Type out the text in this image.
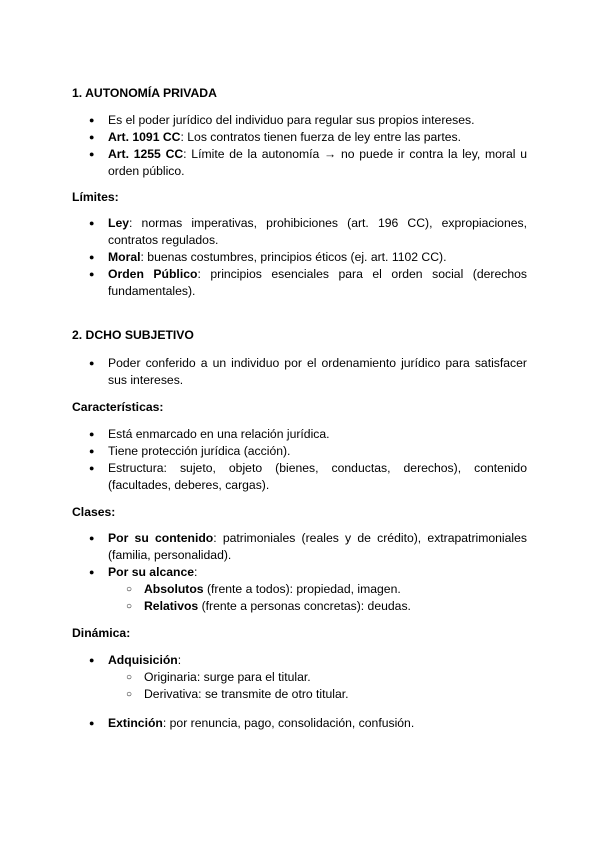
1. AUTONOMÍA PRIVADA
● Es el poder jurídico del individuo para regular sus propios intereses.
● Art. 1091 CC: Los contratos tienen fuerza de ley entre las partes.
● Art. 1255 CC: Límite de la autonomía → no puede ir contra la ley, moral u orden público.
Límites:
● Ley: normas imperativas, prohibiciones (art. 196 CC), expropiaciones, contratos regulados.
● Moral: buenas costumbres, principios éticos (ej. art. 1102 CC).
● Orden Público: principios esenciales para el orden social (derechos fundamentales).
2. DCHO SUBJETIVO
● Poder conferido a un individuo por el ordenamiento jurídico para satisfacer sus intereses.
Características:
● Está enmarcado en una relación jurídica.
● Tiene protección jurídica (acción).
● Estructura: sujeto, objeto (bienes, conductas, derechos), contenido (facultades, deberes, cargas).
Clases:
● Por su contenido: patrimoniales (reales y de crédito), extrapatrimoniales (familia, personalidad).
● Por su alcance:
○ Absolutos (frente a todos): propiedad, imagen.
○ Relativos (frente a personas concretas): deudas.
Dinámica:
● Adquisición:
○ Originaria: surge para el titular.
○ Derivativa: se transmite de otro titular.
● Extinción: por renuncia, pago, consolidación, confusión.
